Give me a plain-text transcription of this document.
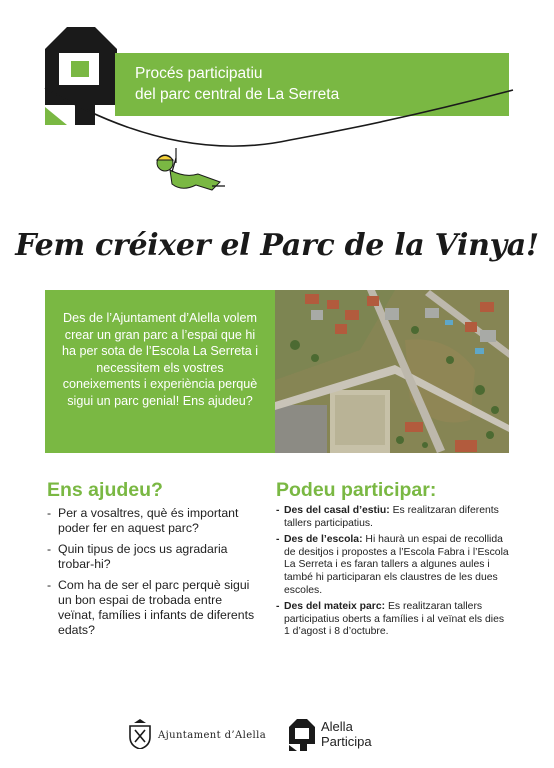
Procés participatiu
del parc central de La Serreta
Fem créixer el Parc de la Vinya!
Des de l’Ajuntament d’Alella volem crear un gran parc a l’espai que hi ha per sota de l’Escola La Serreta i necessitem els vostres coneixements i experiència perquè sigui un parc genial! Ens ajudeu?
Ens ajudeu?
- Per a vosaltres, què és important poder fer en aquest parc?
- Quin tipus de jocs us agradaria trobar-hi?
- Com ha de ser el parc perquè sigui un bon espai de trobada entre veïnat, famílies i infants de diferents edats?
Podeu participar:
- Des del casal d’estiu: Es realitzaran diferents tallers participatius.
- Des de l’escola: Hi haurà un espai de recollida de desitjos i propostes a l’Escola Fabra i l’Escola La Serreta i es faran tallers a algunes aules i també hi participaran els claustres de les dues escoles.
- Des del mateix parc: Es realitzaran tallers participatius oberts a famílies i al veïnat els dies 1 d’agost i 8 d’octubre.
Ajuntament d’Alella
Alella
Participa
